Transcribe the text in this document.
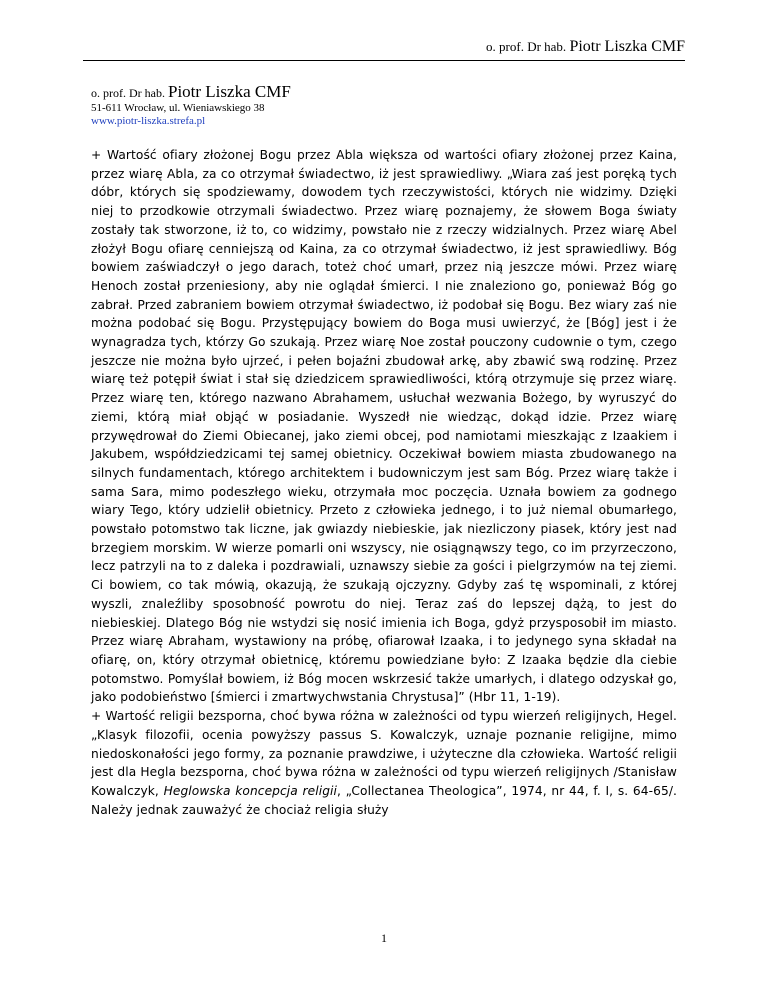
o. prof. Dr hab. Piotr Liszka CMF
o. prof. Dr hab. Piotr Liszka CMF
51-611 Wrocław, ul. Wieniawskiego 38
www.piotr-liszka.strefa.pl

+ Wartość ofiary złożonej Bogu przez Abla większa od wartości ofiary złożonej przez Kaina, przez wiarę Abla, za co otrzymał świadectwo, iż jest sprawiedliwy. „Wiara zaś jest poręką tych dóbr, których się spodziewamy, dowodem tych rzeczywistości, których nie widzimy. Dzięki niej to przodkowie otrzymali świadectwo. Przez wiarę poznajemy, że słowem Boga światy zostały tak stworzone, iż to, co widzimy, powstało nie z rzeczy widzialnych. Przez wiarę Abel złożył Bogu ofiarę cenniejszą od Kaina, za co otrzymał świadectwo, iż jest sprawiedliwy. Bóg bowiem zaświadczył o jego darach, toteż choć umarł, przez nią jeszcze mówi. Przez wiarę Henoch został przeniesiony, aby nie oglądał śmierci. I nie znaleziono go, ponieważ Bóg go zabrał. Przed zabraniem bowiem otrzymał świadectwo, iż podobał się Bogu. Bez wiary zaś nie można podobać się Bogu. Przystępujący bowiem do Boga musi uwierzyć, że [Bóg] jest i że wynagradza tych, którzy Go szukają. Przez wiarę Noe został pouczony cudownie o tym, czego jeszcze nie można było ujrzeć, i pełen bojaźni zbudował arkę, aby zbawić swą rodzinę. Przez wiarę też potępił świat i stał się dziedzicem sprawiedliwości, którą otrzymuje się przez wiarę. Przez wiarę ten, którego nazwano Abrahamem, usłuchał wezwania Bożego, by wyruszyć do ziemi, którą miał objąć w posiadanie. Wyszedł nie wiedząc, dokąd idzie. Przez wiarę przywędrował do Ziemi Obiecanej, jako ziemi obcej, pod namiotami mieszkając z Izaakiem i Jakubem, współdziedzicami tej samej obietnicy. Oczekiwał bowiem miasta zbudowanego na silnych fundamentach, którego architektem i budowniczym jest sam Bóg. Przez wiarę także i sama Sara, mimo podeszłego wieku, otrzymała moc poczęcia. Uznała bowiem za godnego wiary Tego, który udzielił obietnicy. Przeto z człowieka jednego, i to już niemal obumarłego, powstało potomstwo tak liczne, jak gwiazdy niebieskie, jak niezliczony piasek, który jest nad brzegiem morskim. W wierze pomarli oni wszyscy, nie osiągnąwszy tego, co im przyrzeczono, lecz patrzyli na to z daleka i pozdrawiali, uznawszy siebie za gości i pielgrzymów na tej ziemi. Ci bowiem, co tak mówią, okazują, że szukają ojczyzny. Gdyby zaś tę wspominali, z której wyszli, znaleźliby sposobność powrotu do niej. Teraz zaś do lepszej dążą, to jest do niebieskiej. Dlatego Bóg nie wstydzi się nosić imienia ich Boga, gdyż przysposobił im miasto. Przez wiarę Abraham, wystawiony na próbę, ofiarował Izaaka, i to jedynego syna składał na ofiarę, on, który otrzymał obietnicę, któremu powiedziane było: Z Izaaka będzie dla ciebie potomstwo. Pomyślał bowiem, iż Bóg mocen wskrzesić także umarłych, i dlatego odzyskał go, jako podobieństwo [śmierci i zmartwychwstania Chrystusa]” (Hbr 11, 1-19).

+ Wartość religii bezsporna, choć bywa różna w zależności od typu wierzeń religijnych, Hegel. „Klasyk filozofii, ocenia powyższy passus S. Kowalczyk, uznaje poznanie religijne, mimo niedoskonałości jego formy, za poznanie prawdziwe, i użyteczne dla człowieka. Wartość religii jest dla Hegla bezsporna, choć bywa różna w zależności od typu wierzeń religijnych /Stanisław Kowalczyk, Heglowska koncepcja religii, „Collectanea Theologica”, 1974, nr 44, f. I, s. 64-65/. Należy jednak zauważyć że chociaż religia służy

1
